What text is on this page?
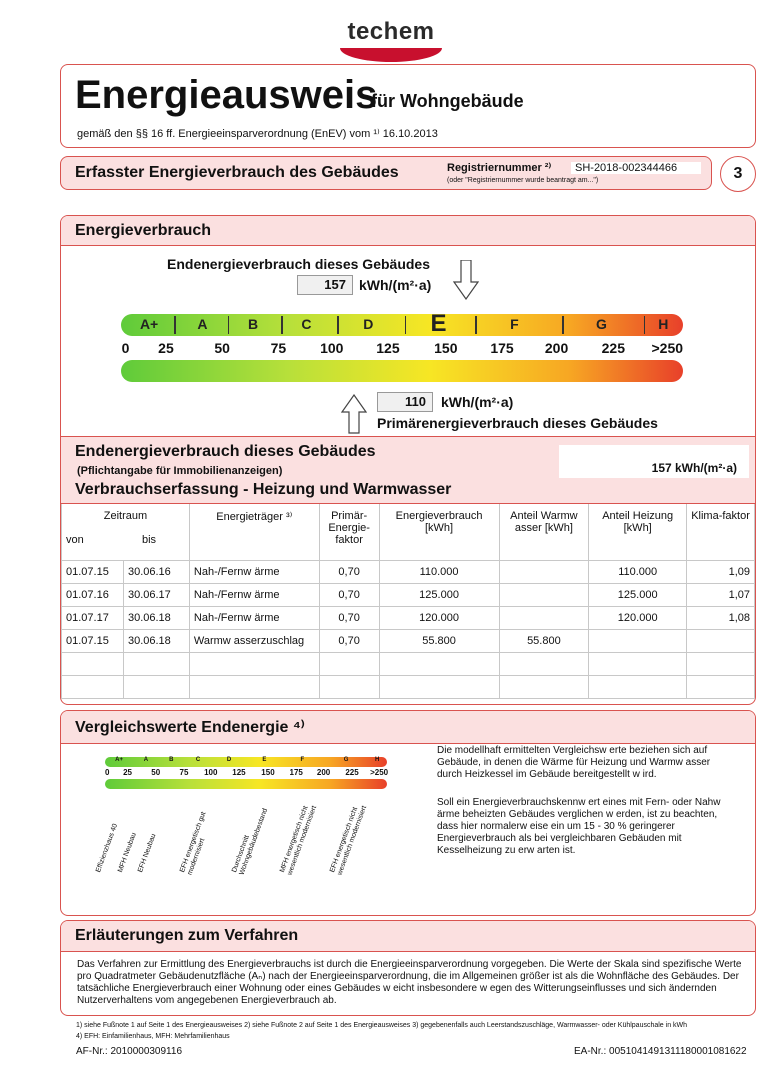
techem
Energieausweis
für Wohngebäude
gemäß den §§ 16 ff. Energieeinsparverordnung (EnEV) vom ¹⁾ 16.10.2013
Erfasster Energieverbrauch des Gebäudes	Registriernummer ²⁾	SH-2018-002344466
(oder "Registriernummer wurde beantragt am...")	3
Energieverbrauch
Endenergieverbrauch dieses Gebäudes
157 kWh/(m²·a)
A+	A	B	C	D E	F	G	H
0 25	50	75 100 125 150 175 200 225 >250
110	kWh/(m²·a)
Primärenergieverbrauch dieses Gebäudes
Endenergieverbrauch dieses Gebäudes
(Pflichtangabe für Immobilienanzeigen)	157 kWh/(m²·a)
Verbrauchserfassung - Heizung und Warmwasser
Zeitraum
von bis		Energieträger ³⁾	Primär-Energie-faktor	Energieverbrauch [kWh]	Anteil Warmw asser [kWh]	Anteil Heizung [kWh]	Klima-faktor
01.07.15	30.06.16	Nah-/Fernw ärme	0,70	110.000		110.000	1,09
01.07.16	30.06.17	Nah-/Fernw ärme	0,70	125.000		125.000	1,07
01.07.17	30.06.18	Nah-/Fernw ärme	0,70	120.000		120.000	1,08
01.07.15	30.06.18	Warmw asserzuschlag	0,70	55.800	55.800		

Vergleichswerte Endenergie ⁴⁾
A+	A	B	C	D	E	F	G	H
0 25 50 75 100 125 150 175 200 225 >250
Effizienzhaus 40
MFH Neubau EFH Neubau	EFH energetisch gut modernisiert	Durchschnitt Wohngebäudebestand	MFH energetisch nicht wesentlich modernisiert	EFH energetisch nicht wesentlich modernisiert
Die modellhaft ermittelten Vergleichsw erte beziehen sich auf Gebäude, in denen die Wärme für Heizung und Warmw asser durch Heizkessel im Gebäude bereitgestellt w ird.
Soll ein Energieverbrauchskennw ert eines mit Fern- oder Nahw ärme beheizten Gebäudes verglichen w erden, ist zu beachten, dass hier normalerw eise ein um 15 - 30 % geringerer Energieverbrauch als bei vergleichbaren Gebäuden mit Kesselheizung zu erw arten ist.
Erläuterungen zum Verfahren
Das Verfahren zur Ermittlung des Energieverbrauchs ist durch die Energieeinsparverordnung vorgegeben. Die Werte der Skala sind spezifische Werte pro Quadratmeter Gebäudenutzfläche (Aₙ) nach der Energieeinsparverordnung, die im Allgemeinen größer ist als die Wohnfläche des Gebäudes. Der tatsächliche Energieverbrauch einer Wohnung oder eines Gebäudes w eicht insbesondere w egen des Witterungseinflusses und sich ändernden Nutzerverhaltens vom angegebenen Energieverbrauch ab.
1) siehe Fußnote 1 auf Seite 1 des Energieausweises 2) siehe Fußnote 2 auf Seite 1 des Energieausweises 3) gegebenenfalls auch Leerstandszuschläge, Warmwasser- oder Kühlpauschale in kWh
4) EFH: Einfamilienhaus, MFH: Mehrfamilienhaus
AF-Nr.: 2010000309116	EA-Nr.: 005104149131118000108162​2
